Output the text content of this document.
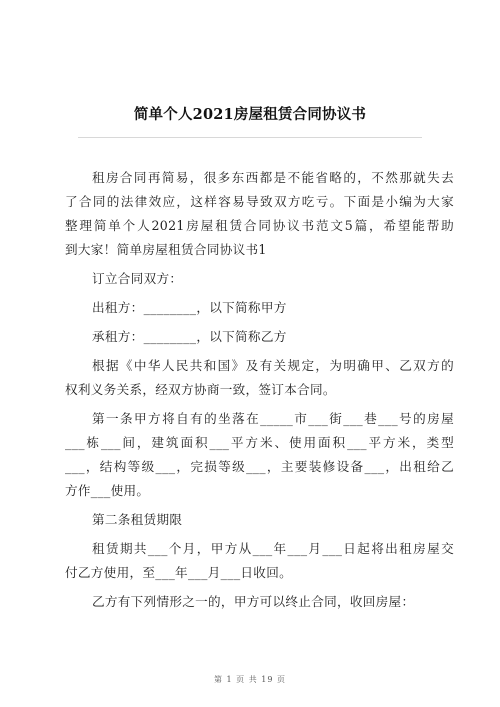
简单个人2021房屋租赁合同协议书
租房合同再简易，很多东西都是不能省略的，不然那就失去
了合同的法律效应，这样容易导致双方吃亏。下面是小编为大家
整理简单个人2021房屋租赁合同协议书范文5篇，希望能帮助
到大家！简单房屋租赁合同协议书1
订立合同双方：
出租方：________，以下简称甲方
承租方：________，以下简称乙方
根据《中华人民共和国》及有关规定，为明确甲、乙双方的
权利义务关系，经双方协商一致，签订本合同。
第一条甲方将自有的坐落在_____市___街___巷___号的房屋
___栋___间，建筑面积___平方米、使用面积___平方米，类型
___，结构等级___，完损等级___，主要装修设备___，出租给乙
方作___使用。
第二条租赁期限
租赁期共___个月，甲方从___年___月___日起将出租房屋交
付乙方使用，至___年___月___日收回。
乙方有下列情形之一的，甲方可以终止合同，收回房屋：
第 1 页 共 19 页
